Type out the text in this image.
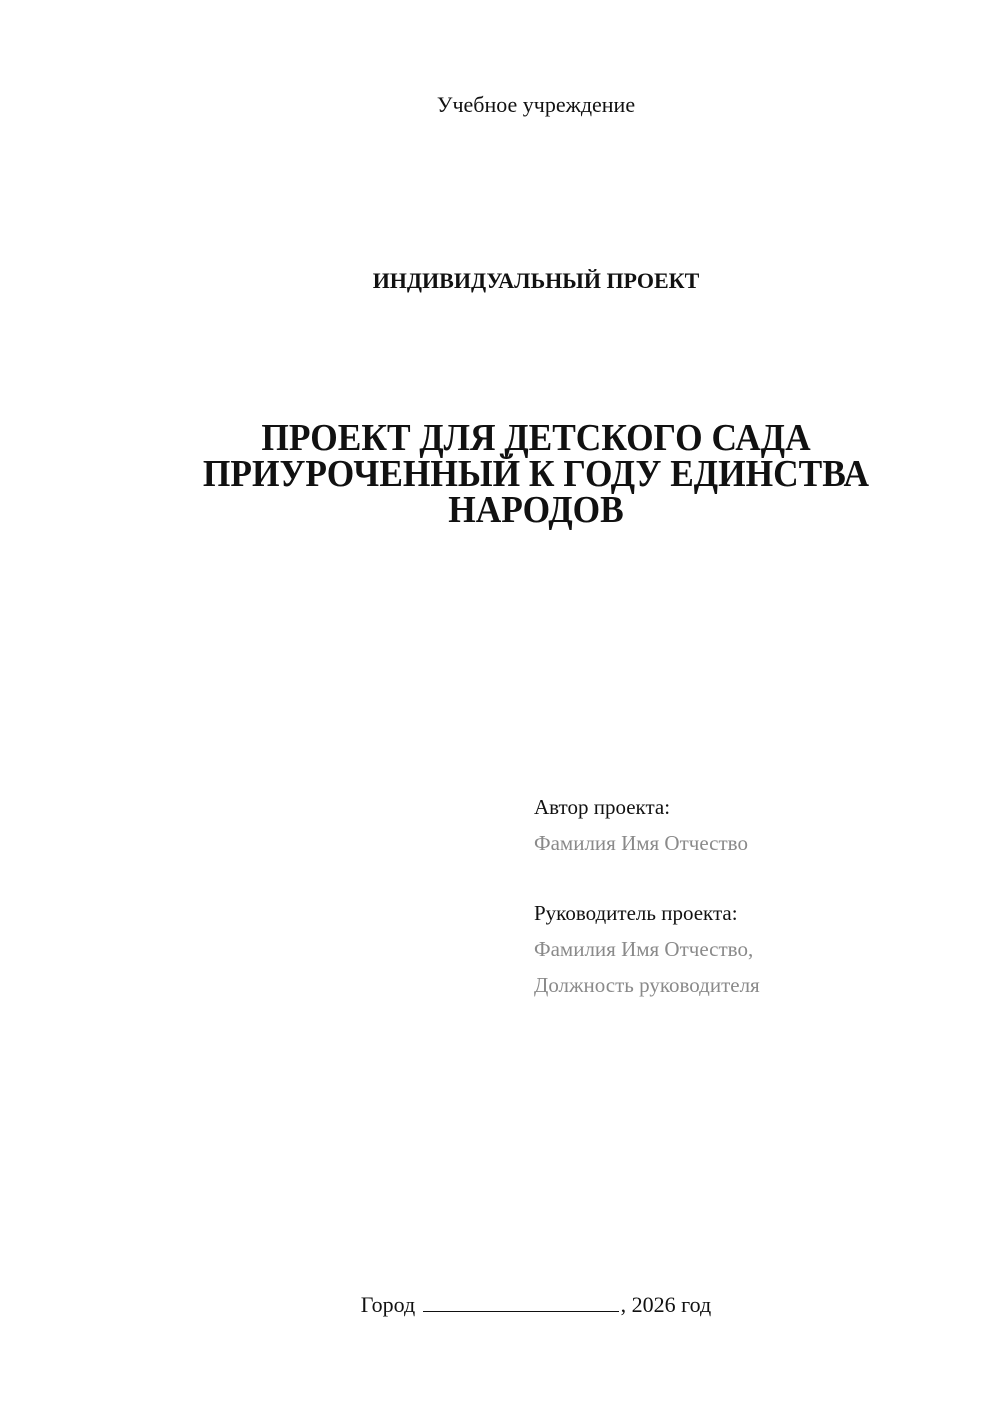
Учебное учреждение
ИНДИВИДУАЛЬНЫЙ ПРОЕКТ
ПРОЕКТ ДЛЯ ДЕТСКОГО САДА
ПРИУРОЧЕННЫЙ К ГОДУ ЕДИНСТВА
НАРОДОВ
Автор проекта:
Фамилия Имя Отчество
Руководитель проекта:
Фамилия Имя Отчество,
Должность руководителя
Город	, 2026 год
